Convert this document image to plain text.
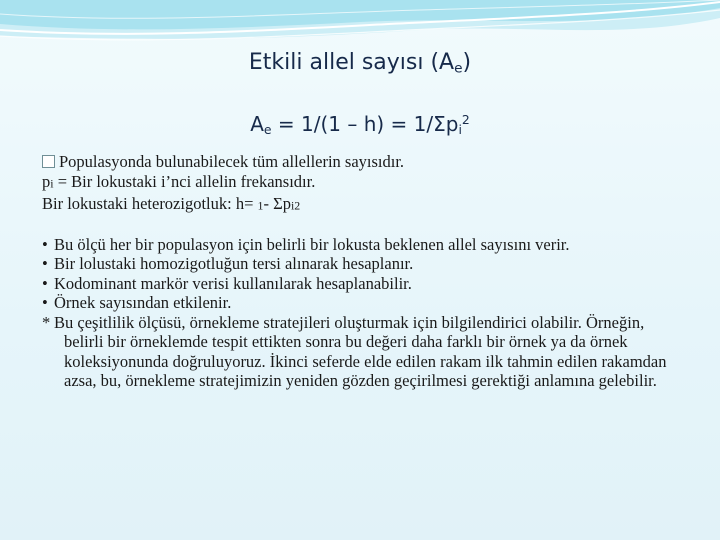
Etkili allel sayısı $(A_e)$
$A_e = 1/(1 - h) = 1/\Sigma p_i^2$

Populasyonda bulunabilecek tüm allellerin sayısıdır.

$p_i$ = Bir lokustaki i’nci allelin frekansıdır.

Bir lokustaki heterozigotluk: h= 1- $\Sigma p_i^2$

• Bu ölçü her bir populasyon için belirli bir lokusta beklenen allel sayısını verir.

• Bir lolustaki homozigotluğun tersi alınarak hesaplanır.

• Kodominant markör verisi kullanılarak hesaplanabilir.

• Örnek sayısından etkilenir.

* Bu çeşitlilik ölçüsü, örnekleme stratejileri oluşturmak için bilgilendirici olabilir. Örneğin, belirli bir örneklemde tespit ettikten sonra bu değeri daha farklı bir örnek ya da örnek koleksiyonunda doğruluyoruz. İkinci seferde elde edilen rakam ilk tahmin edilen rakamdan azsa, bu, örnekleme stratejimizin yeniden gözden geçirilmesi gerektiği anlamına gelebilir.
